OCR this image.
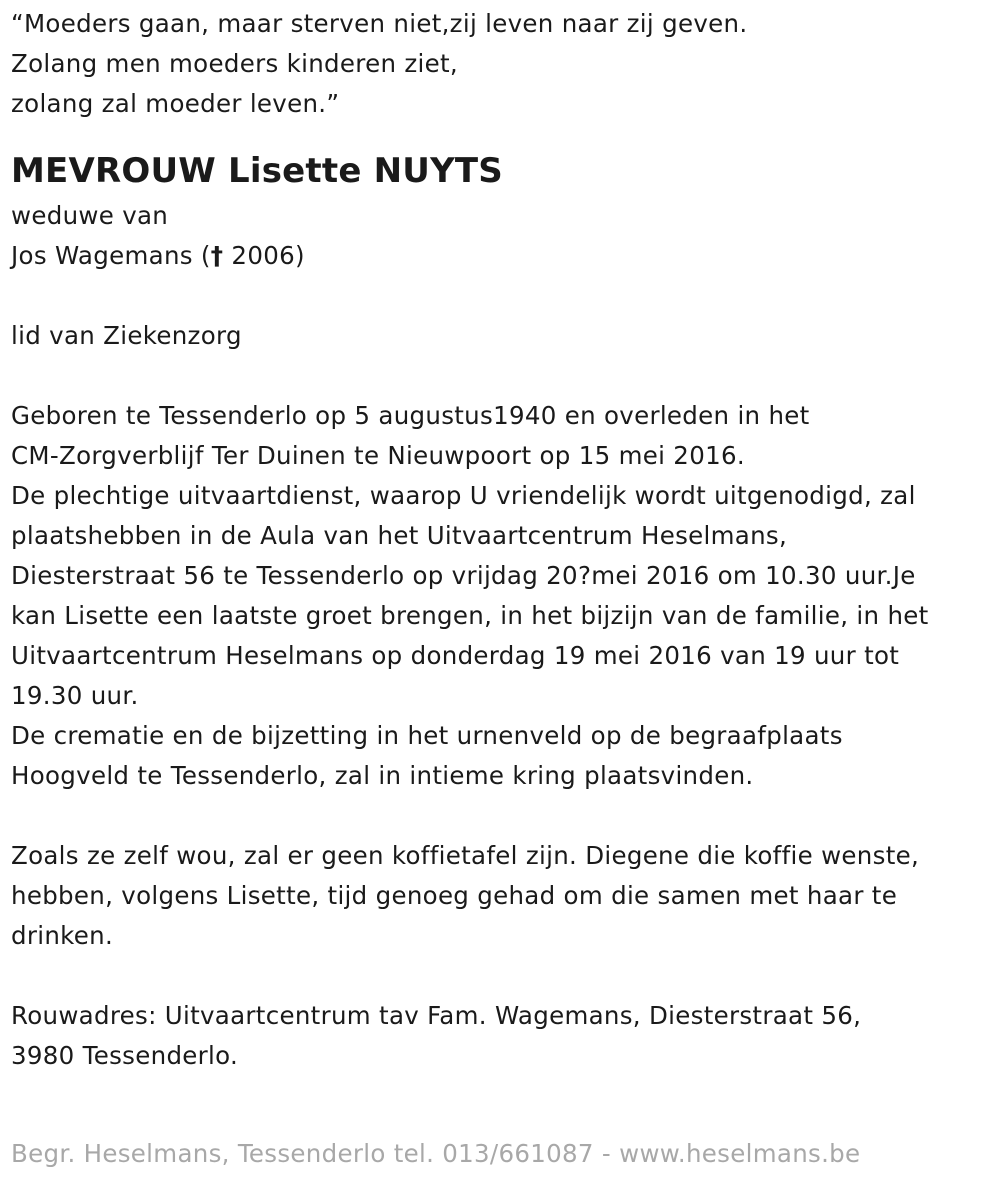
“Moeders gaan, maar sterven niet,zij leven naar zij geven.
Zolang men moeders kinderen ziet,
zolang zal moeder leven.”
MEVROUW Lisette NUYTS
weduwe van
Jos Wagemans († 2006)
lid van Ziekenzorg
Geboren te Tessenderlo op 5 augustus1940 en overleden in het
CM-Zorgverblijf Ter Duinen te Nieuwpoort op 15 mei 2016.
De plechtige uitvaartdienst, waarop U vriendelijk wordt uitgenodigd, zal
plaatshebben in de Aula van het Uitvaartcentrum Heselmans,
Diesterstraat 56 te Tessenderlo op vrijdag 20?mei 2016 om 10.30 uur.Je
kan Lisette een laatste groet brengen, in het bijzijn van de familie, in het
Uitvaartcentrum Heselmans op donderdag 19 mei 2016 van 19 uur tot
19.30 uur.
De crematie en de bijzetting in het urnenveld op de begraafplaats
Hoogveld te Tessenderlo, zal in intieme kring plaatsvinden.
Zoals ze zelf wou, zal er geen koffietafel zijn. Diegene die koffie wenste,
hebben, volgens Lisette, tijd genoeg gehad om die samen met haar te
drinken.
Rouwadres: Uitvaartcentrum tav Fam. Wagemans, Diesterstraat 56,
3980 Tessenderlo.
Begr. Heselmans, Tessenderlo tel. 013/661087 - www.heselmans.be
